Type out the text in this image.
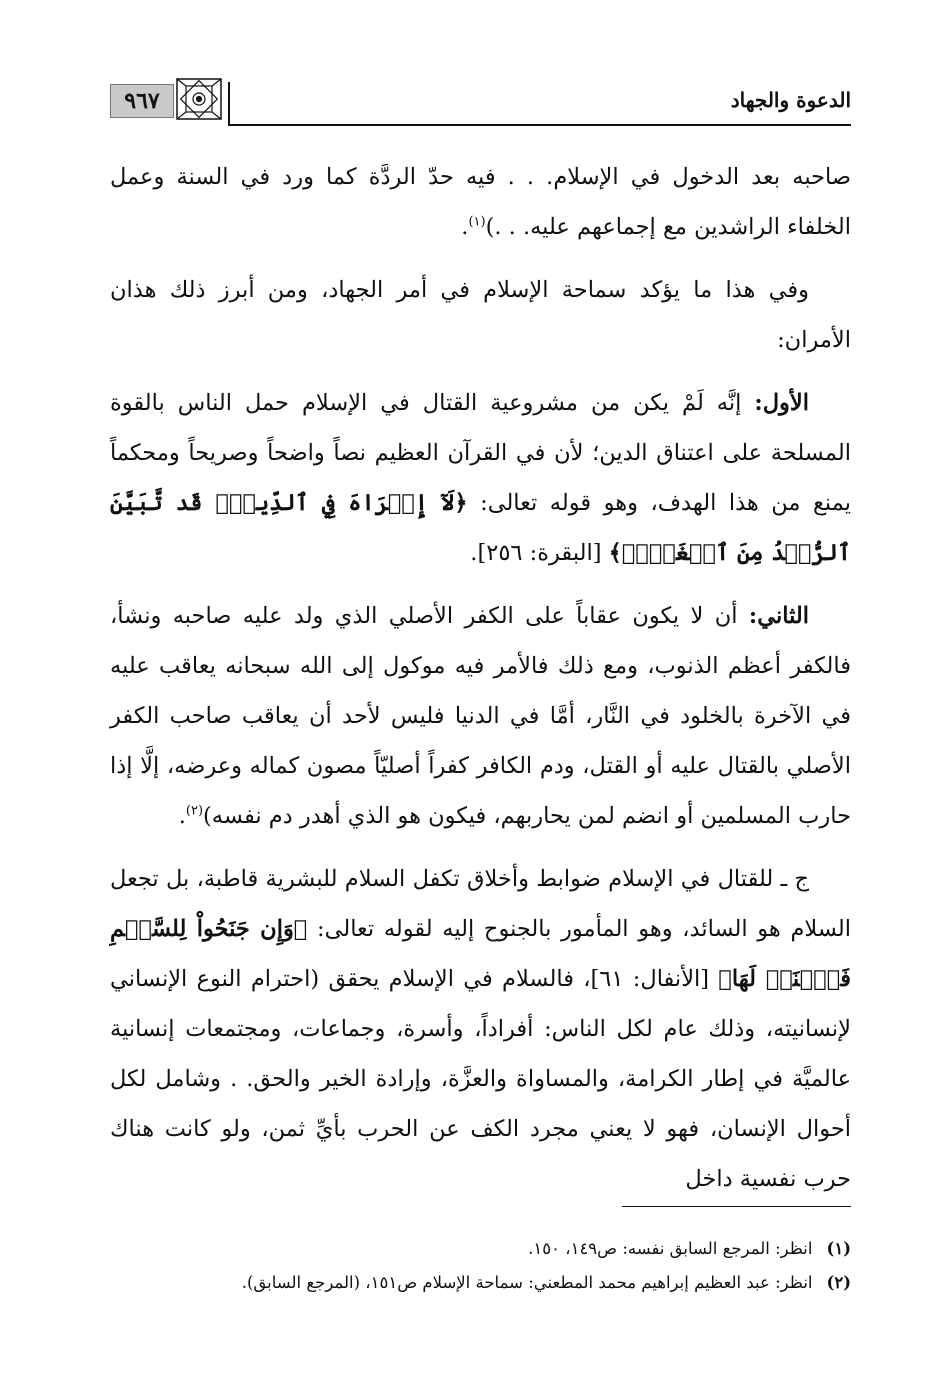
٩٦٧	الدعوة والجهاد

صاحبه بعد الدخول في الإسلام. . . فيه حدّ الردَّة كما ورد في السنة وعمل الخلفاء الراشدين مع إجماعهم عليه. . .)$^{(١)}$.

وفي هذا ما يؤكد سماحة الإسلام في أمر الجهاد، ومن أبرز ذلك هذان الأمران:

الأول: إنَّه لَمْ يكن من مشروعية القتال في الإسلام حمل الناس بالقوة المسلحة على اعتناق الدين؛ لأن في القرآن العظيم نصاً واضحاً وصريحاً ومحكماً يمنع من هذا الهدف، وهو قوله تعالى: ﴿لَآ إِكۡرَاهَ فِي ٱلدِّينِۖ قَد تَّبَيَّنَ ٱلرُّشۡدُ مِنَ ٱلۡغَيِّۚ﴾ [البقرة: ٢٥٦].

الثاني: أن لا يكون عقاباً على الكفر الأصلي الذي ولد عليه صاحبه ونشأ، فالكفر أعظم الذنوب، ومع ذلك فالأمر فيه موكول إلى الله سبحانه يعاقب عليه في الآخرة بالخلود في النَّار، أمَّا في الدنيا فليس لأحد أن يعاقب صاحب الكفر الأصلي بالقتال عليه أو القتل، ودم الكافر كفراً أصليّاً مصون كماله وعرضه، إلَّا إذا حارب المسلمين أو انضم لمن يحاربهم، فيكون هو الذي أهدر دم نفسه)$^{(٢)}$.

ج ـ للقتال في الإسلام ضوابط وأخلاق تكفل السلام للبشرية قاطبة، بل تجعل السلام هو السائد، وهو المأمور بالجنوح إليه لقوله تعالى: ﴿وَإِن جَنَحُواْ لِلسَّلۡمِ فَٱجۡنَحۡ لَهَا﴾ [الأنفال: ٦١]، فالسلام في الإسلام يحقق (احترام النوع الإنساني لإنسانيته، وذلك عام لكل الناس: أفراداً، وأسرة، وجماعات، ومجتمعات إنسانية عالميَّة في إطار الكرامة، والمساواة والعزَّة، وإرادة الخير والحق. . وشامل لكل أحوال الإنسان، فهو لا يعني مجرد الكف عن الحرب بأيِّ ثمن، ولو كانت هناك حرب نفسية داخل

(١)
انظر: المرجع السابق نفسه: ص١٤٩، ١٥٠.
(٢)
انظر: عبد العظيم إبراهيم محمد المطعني: سماحة الإسلام ص١٥١، (المرجع السابق).
